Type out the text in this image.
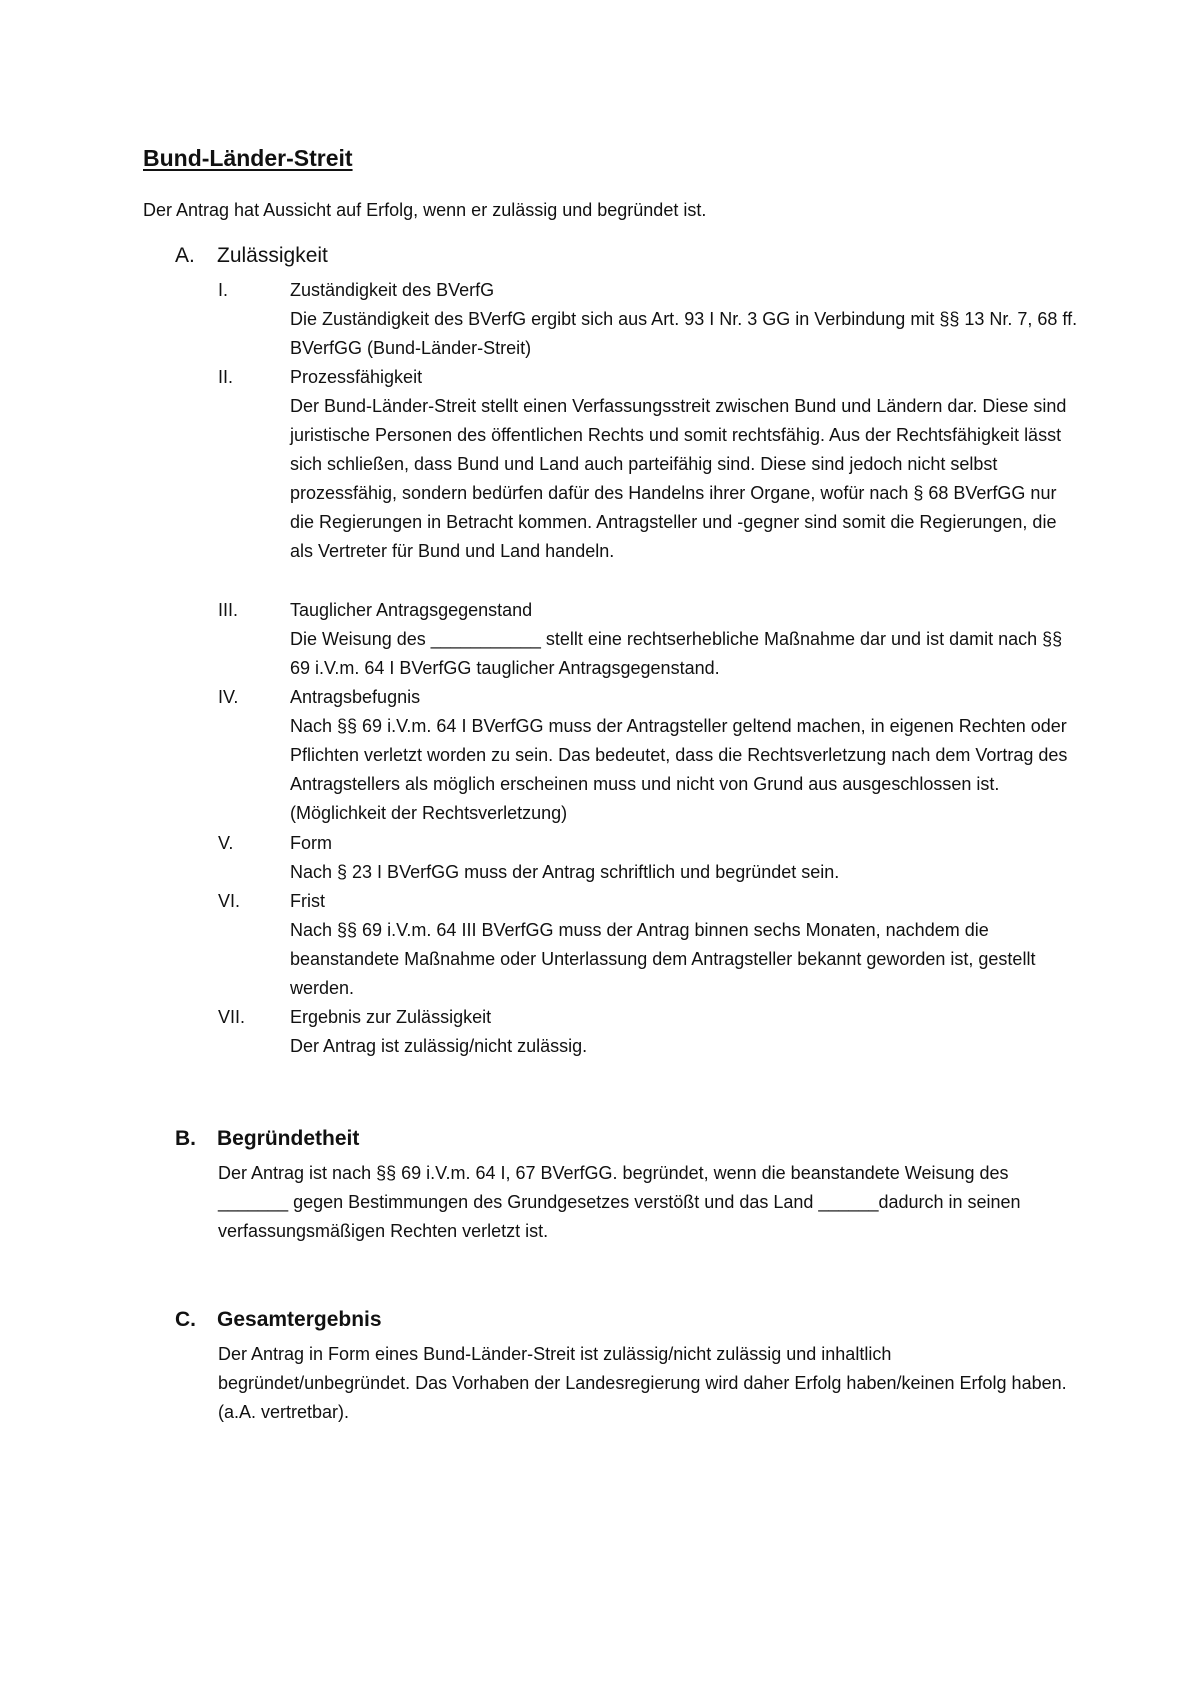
Bund-Länder-Streit

Der Antrag hat Aussicht auf Erfolg, wenn er zulässig und begründet ist.

A. Zulässigkeit
I.	Zuständigkeit des BVerfG

Die Zuständigkeit des BVerfG ergibt sich aus Art. 93 I Nr. 3 GG in Verbindung mit §§ 13 Nr. 7, 68 ff. BVerfGG (Bund-Länder-Streit)

II.	Prozessfähigkeit

Der Bund-Länder-Streit stellt einen Verfassungsstreit zwischen Bund und Ländern dar. Diese sind juristische Personen des öffentlichen Rechts und somit rechtsfähig. Aus der Rechtsfähigkeit lässt sich schließen, dass Bund und Land auch parteifähig sind. Diese sind jedoch nicht selbst prozessfähig, sondern bedürfen dafür des Handelns ihrer Organe, wofür nach § 68 BVerfGG nur die Regierungen in Betracht kommen. Antragsteller und -gegner sind somit die Regierungen, die als Vertreter für Bund und Land handeln.

III.	Tauglicher Antragsgegenstand

Die Weisung des ___________ stellt eine rechtserhebliche Maßnahme dar und ist damit nach §§ 69 i.V.m. 64 I BVerfGG tauglicher Antragsgegenstand.

IV.	Antragsbefugnis

Nach §§ 69 i.V.m. 64 I BVerfGG muss der Antragsteller geltend machen, in eigenen Rechten oder Pflichten verletzt worden zu sein. Das bedeutet, dass die Rechtsverletzung nach dem Vortrag des Antragstellers als möglich erscheinen muss und nicht von Grund aus ausgeschlossen ist. (Möglichkeit der Rechtsverletzung)

V.	Form

Nach § 23 I BVerfGG muss der Antrag schriftlich und begründet sein.

VI.	Frist

Nach §§ 69 i.V.m. 64 III BVerfGG muss der Antrag binnen sechs Monaten, nachdem die beanstandete Maßnahme oder Unterlassung dem Antragsteller bekannt geworden ist, gestellt werden.

VII. Ergebnis zur Zulässigkeit

Der Antrag ist zulässig/nicht zulässig.

B. Begründetheit

Der Antrag ist nach §§ 69 i.V.m. 64 I, 67 BVerfGG. begründet, wenn die beanstandete Weisung des _______ gegen Bestimmungen des Grundgesetzes verstößt und das Land ______dadurch in seinen verfassungsmäßigen Rechten verletzt ist.

C. Gesamtergebnis

Der Antrag in Form eines Bund-Länder-Streit ist zulässig/nicht zulässig und inhaltlich begründet/unbegründet. Das Vorhaben der Landesregierung wird daher Erfolg haben/keinen Erfolg haben. (a.A. vertretbar).
